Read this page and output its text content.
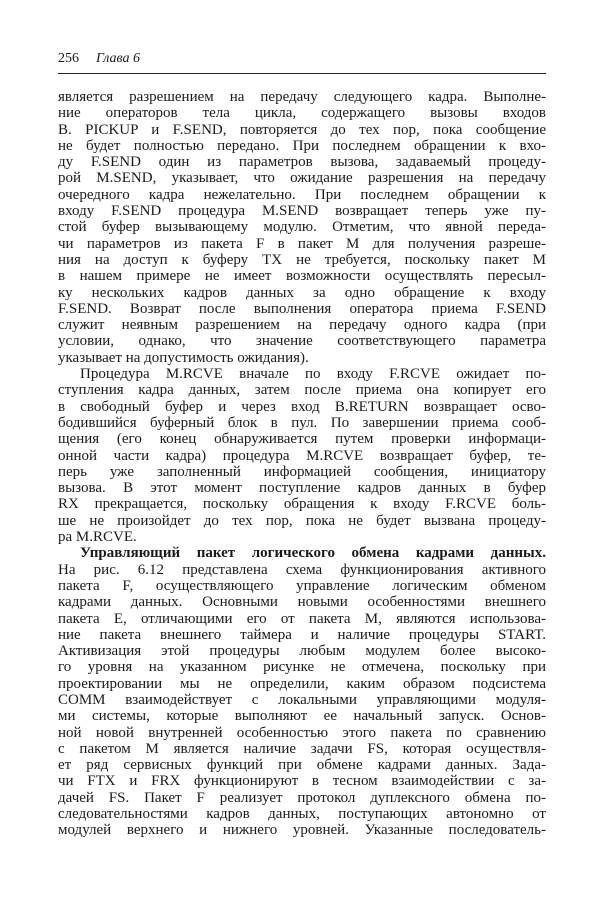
256 Глава 6
является разрешением на передачу следующего кадра. Выполне-
ние операторов тела цикла, содержащего вызовы входов
B. PICKUP и F.SEND, повторяется до тех пор, пока сообщение
не будет полностью передано. При последнем обращении к вхо-
ду F.SEND один из параметров вызова, задаваемый процеду-
рой M.SEND, указывает, что ожидание разрешения на передачу
очередного кадра нежелательно. При последнем обращении к
входу F.SEND процедура M.SEND возвращает теперь уже пу-
стой буфер вызывающему модулю. Отметим, что явной переда-
чи параметров из пакета F в пакет M для получения разреше-
ния на доступ к буферу TX не требуется, поскольку пакет M
в нашем примере не имеет возможности осуществлять пересыл-
ку нескольких кадров данных за одно обращение к входу
F.SEND. Возврат после выполнения оператора приема F.SEND
служит неявным разрешением на передачу одного кадра (при
условии, однако, что значение соответствующего параметра
указывает на допустимость ожидания).
Процедура M.RCVE вначале по входу F.RCVE ожидает по-
ступления кадра данных, затем после приема она копирует его
в свободный буфер и через вход B.RETURN возвращает осво-
бодившийся буферный блок в пул. По завершении приема сооб-
щения (его конец обнаруживается путем проверки информаци-
онной части кадра) процедура M.RCVE возвращает буфер, те-
перь уже заполненный информацией сообщения, инициатору
вызова. В этот момент поступление кадров данных в буфер
RX прекращается, поскольку обращения к входу F.RCVE боль-
ше не произойдет до тех пор, пока не будет вызвана процеду-
ра M.RCVE.
Управляющий пакет логического обмена кадрами данных.
На рис. 6.12 представлена схема функционирования активного
пакета F, осуществляющего управление логическим обменом
кадрами данных. Основными новыми особенностями внешнего
пакета E, отличающими его от пакета M, являются использова-
ние пакета внешнего таймера и наличие процедуры START.
Активизация этой процедуры любым модулем более высоко-
го уровня на указанном рисунке не отмечена, поскольку при
проектировании мы не определили, каким образом подсистема
COMM взаимодействует с локальными управляющими модуля-
ми системы, которые выполняют ее начальный запуск. Основ-
ной новой внутренней особенностью этого пакета по сравнению
с пакетом M является наличие задачи FS, которая осуществля-
ет ряд сервисных функций при обмене кадрами данных. Зада-
чи FTX и FRX функционируют в тесном взаимодействии с за-
дачей FS. Пакет F реализует протокол дуплексного обмена по-
следовательностями кадров данных, поступающих автономно от
модулей верхнего и нижнего уровней. Указанные последователь-
